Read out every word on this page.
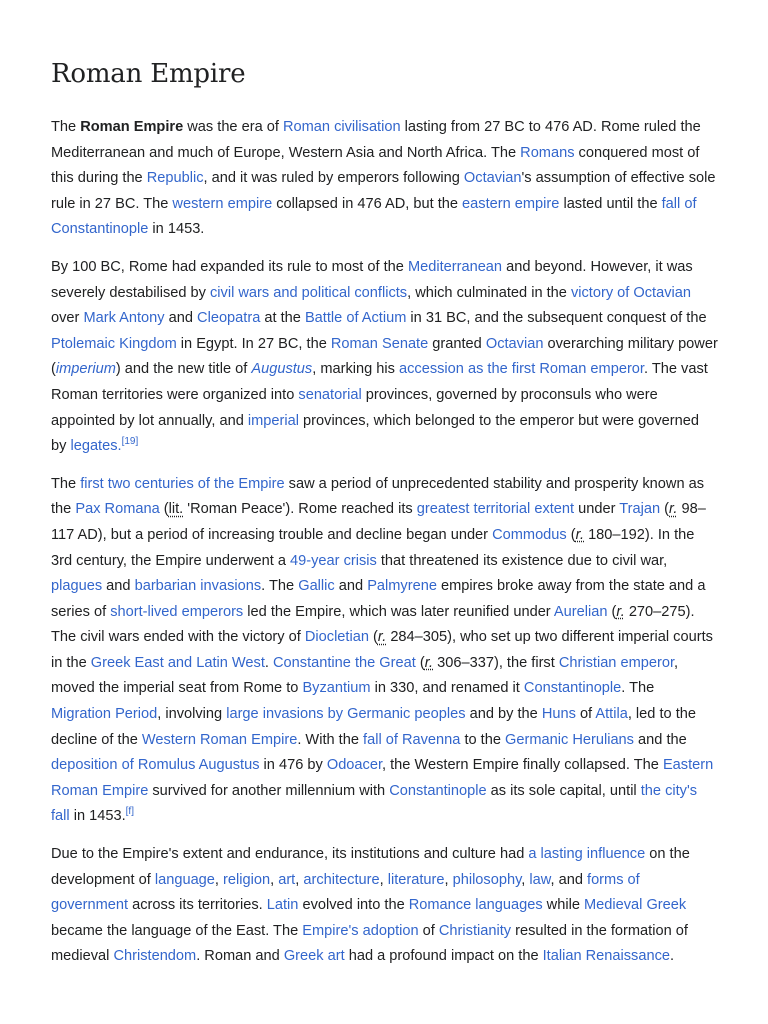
Roman Empire

The Roman Empire was the era of Roman civilisation lasting from 27 BC to 476 AD. Rome ruled the Mediterranean and much of Europe, Western Asia and North Africa. The Romans conquered most of this during the Republic, and it was ruled by emperors following Octavian's assumption of effective sole rule in 27 BC. The western empire collapsed in 476 AD, but the eastern empire lasted until the fall of Constantinople in 1453.

By 100 BC, Rome had expanded its rule to most of the Mediterranean and beyond. However, it was severely destabilised by civil wars and political conflicts, which culminated in the victory of Octavian over Mark Antony and Cleopatra at the Battle of Actium in 31 BC, and the subsequent conquest of the Ptolemaic Kingdom in Egypt. In 27 BC, the Roman Senate granted Octavian overarching military power (imperium) and the new title of Augustus, marking his accession as the first Roman emperor. The vast Roman territories were organized into senatorial provinces, governed by proconsuls who were appointed by lot annually, and imperial provinces, which belonged to the emperor but were governed by legates.[19]

The first two centuries of the Empire saw a period of unprecedented stability and prosperity known as the Pax Romana (lit. 'Roman Peace'). Rome reached its greatest territorial extent under Trajan (r. 98–117 AD), but a period of increasing trouble and decline began under Commodus (r. 180–192). In the 3rd century, the Empire underwent a 49-year crisis that threatened its existence due to civil war, plagues and barbarian invasions. The Gallic and Palmyrene empires broke away from the state and a series of short-lived emperors led the Empire, which was later reunified under Aurelian (r. 270–275). The civil wars ended with the victory of Diocletian (r. 284–305), who set up two different imperial courts in the Greek East and Latin West. Constantine the Great (r. 306–337), the first Christian emperor, moved the imperial seat from Rome to Byzantium in 330, and renamed it Constantinople. The Migration Period, involving large invasions by Germanic peoples and by the Huns of Attila, led to the decline of the Western Roman Empire. With the fall of Ravenna to the Germanic Herulians and the deposition of Romulus Augustus in 476 by Odoacer, the Western Empire finally collapsed. The Eastern Roman Empire survived for another millennium with Constantinople as its sole capital, until the city's fall in 1453.[f]

Due to the Empire's extent and endurance, its institutions and culture had a lasting influence on the development of language, religion, art, architecture, literature, philosophy, law, and forms of government across its territories. Latin evolved into the Romance languages while Medieval Greek became the language of the East. The Empire's adoption of Christianity resulted in the formation of medieval Christendom. Roman and Greek art had a profound impact on the Italian Renaissance.
